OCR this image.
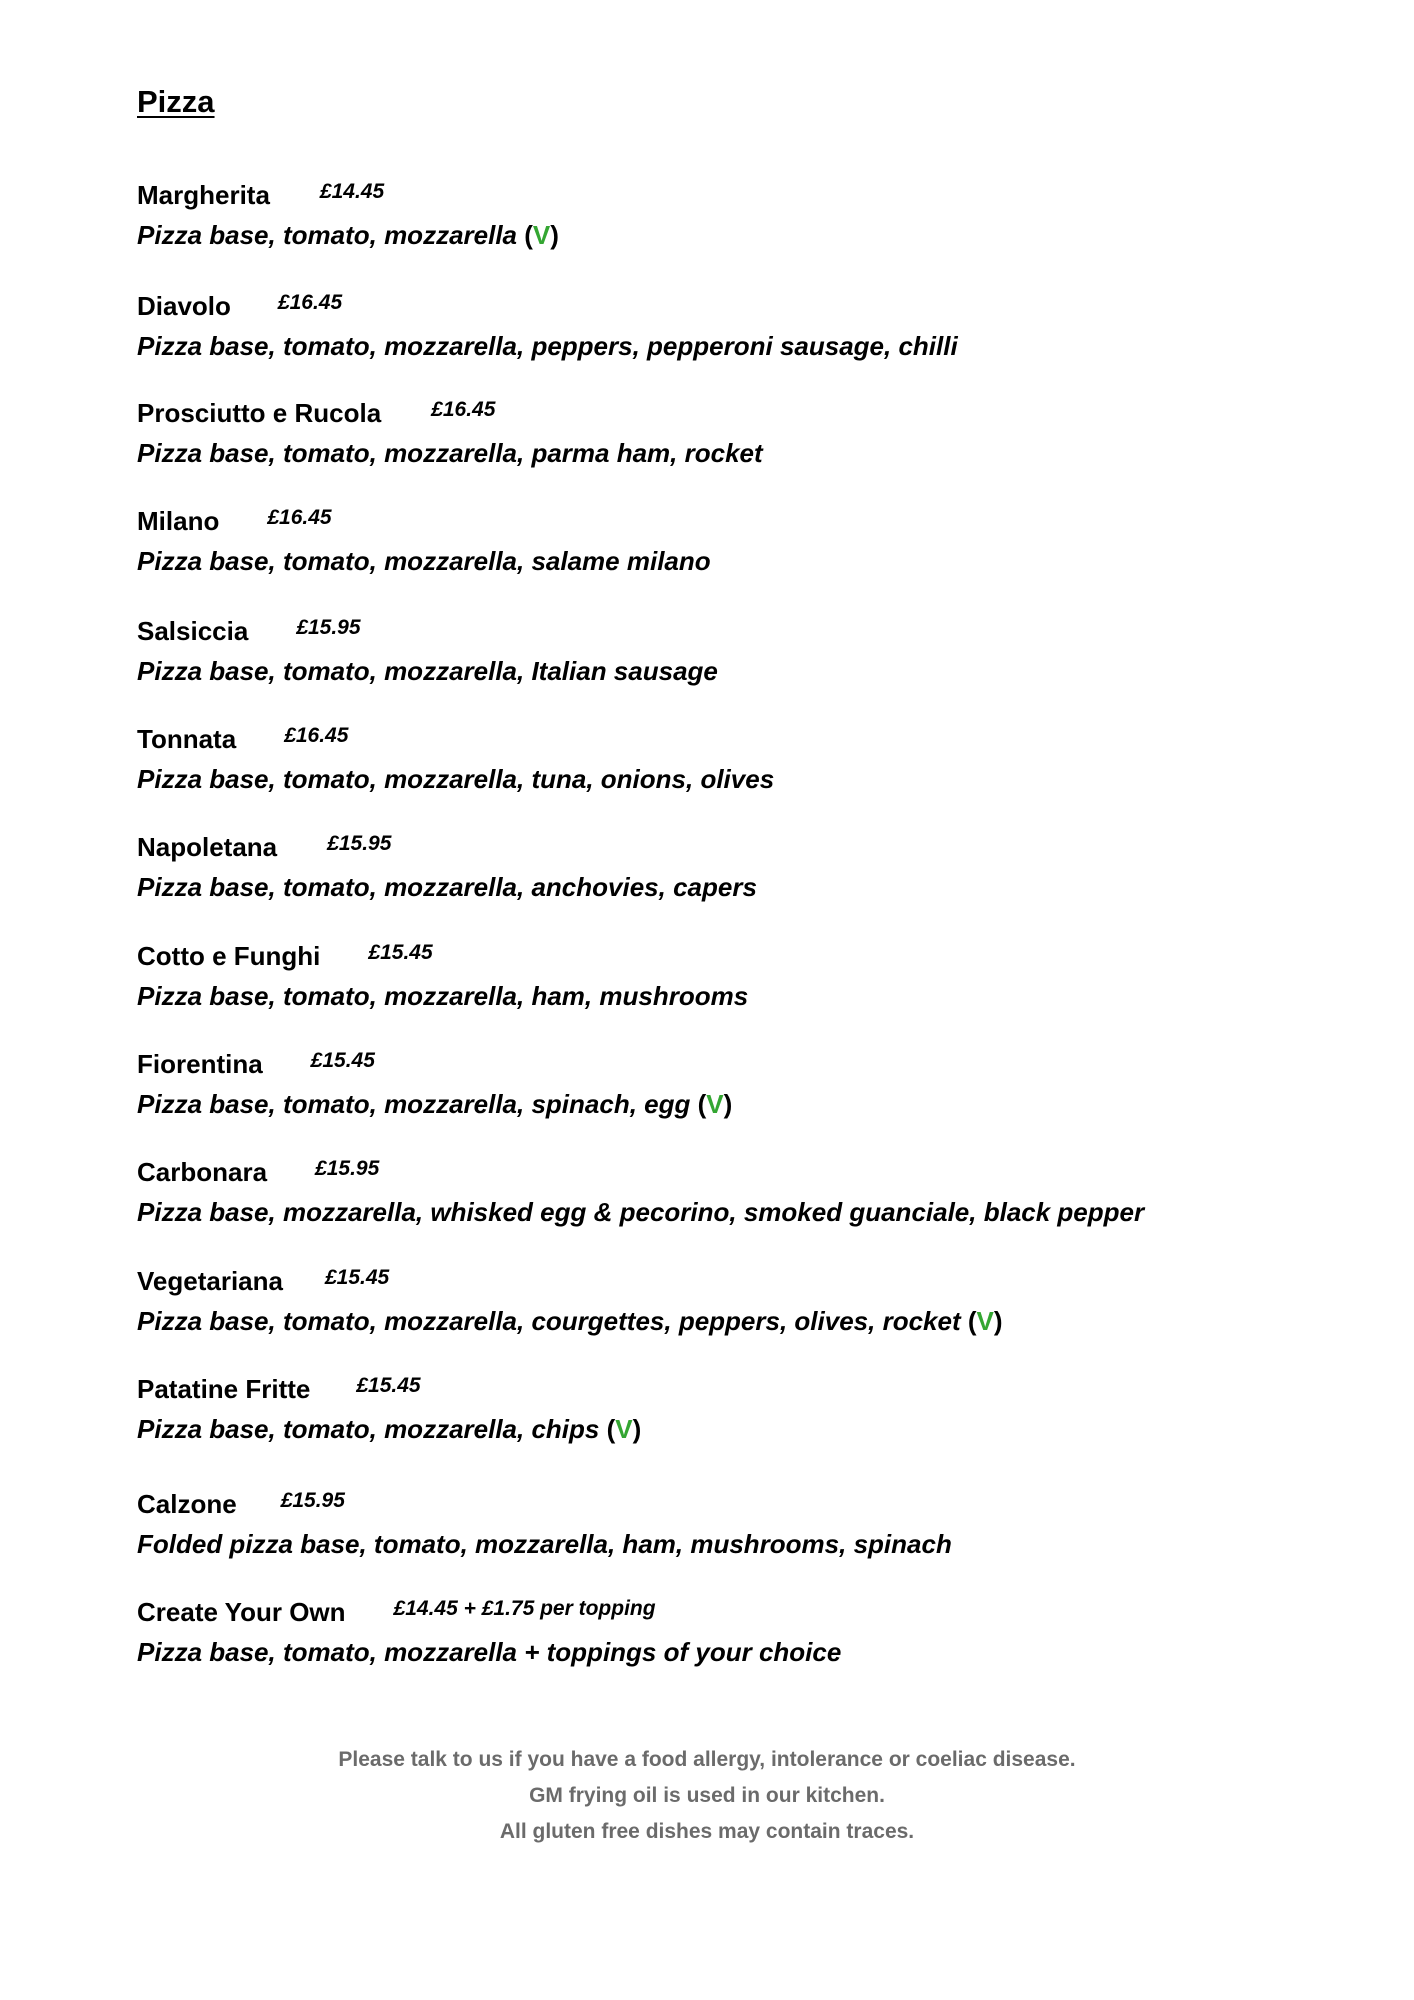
Pizza
Margherita £14.45
Pizza base, tomato, mozzarella (V)
Diavolo £16.45
Pizza base, tomato, mozzarella, peppers, pepperoni sausage, chilli
Prosciutto e Rucola £16.45
Pizza base, tomato, mozzarella, parma ham, rocket
Milano £16.45
Pizza base, tomato, mozzarella, salame milano
Salsiccia £15.95
Pizza base, tomato, mozzarella, Italian sausage
Tonnata £16.45
Pizza base, tomato, mozzarella, tuna, onions, olives
Napoletana £15.95
Pizza base, tomato, mozzarella, anchovies, capers
Cotto e Funghi £15.45
Pizza base, tomato, mozzarella, ham, mushrooms
Fiorentina £15.45
Pizza base, tomato, mozzarella, spinach, egg (V)
Carbonara £15.95
Pizza base, mozzarella, whisked egg & pecorino, smoked guanciale, black pepper
Vegetariana £15.45
Pizza base, tomato, mozzarella, courgettes, peppers, olives, rocket (V)
Patatine Fritte £15.45
Pizza base, tomato, mozzarella, chips (V)
Calzone £15.95
Folded pizza base, tomato, mozzarella, ham, mushrooms, spinach
Create Your Own £14.45 + £1.75 per topping
Pizza base, tomato, mozzarella + toppings of your choice
Please talk to us if you have a food allergy, intolerance or coeliac disease.
GM frying oil is used in our kitchen.
All gluten free dishes may contain traces.
